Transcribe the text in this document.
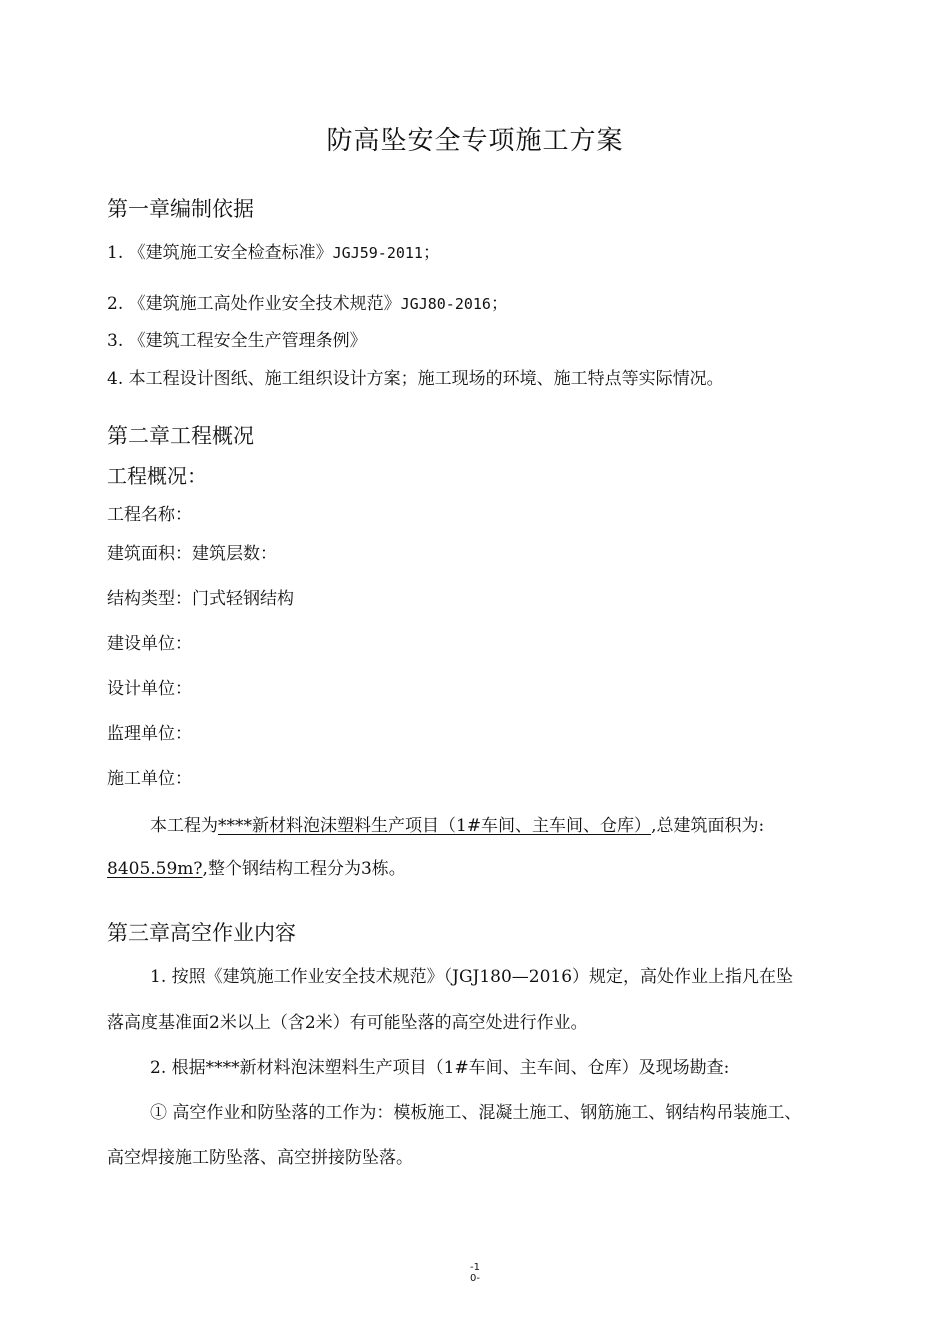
防高坠安全专项施工方案
第一章编制依据
1. 《建筑施工安全检查标准》JGJ59-2011；
2. 《建筑施工高处作业安全技术规范》JGJ80-2016；
3. 《建筑工程安全生产管理条例》
4. 本工程设计图纸、施工组织设计方案；施工现场的环境、施工特点等实际情况。
第二章工程概况
工程概况：
工程名称：
建筑面积：建筑层数：
结构类型：门式轻钢结构
建设单位：
设计单位：
监理单位：
施工单位：
本工程为****新材料泡沫塑料生产项目（1#车间、主车间、仓库）,总建筑面积为:
8405.59m?,整个钢结构工程分为3栋。
第三章高空作业内容
1. 按照《建筑施工作业安全技术规范》（JGJ180—2016）规定，高处作业上指凡在坠
落高度基准面2米以上（含2米）有可能坠落的高空处进行作业。
2. 根据****新材料泡沫塑料生产项目（1#车间、主车间、仓库）及现场勘查:
① 高空作业和防坠落的工作为：模板施工、混凝土施工、钢筋施工、钢结构吊装施工、
高空焊接施工防坠落、高空拼接防坠落。
-1
0-
